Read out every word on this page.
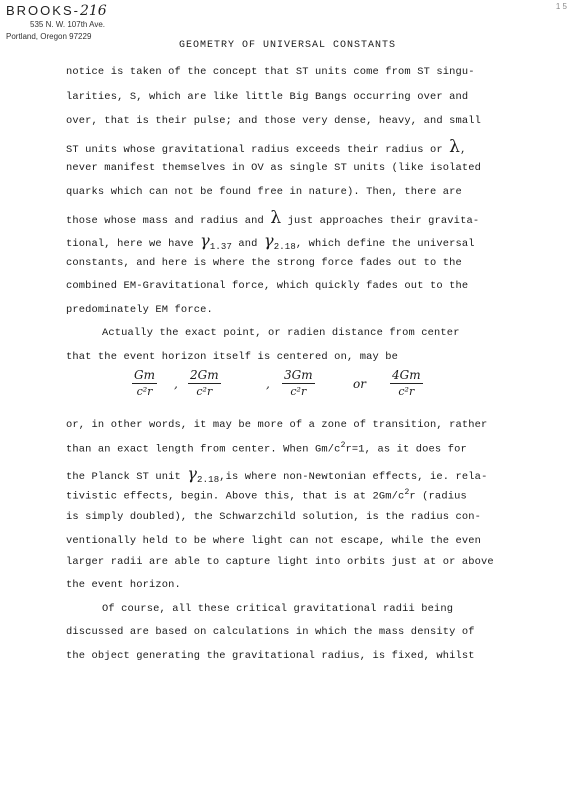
BROOKS-216
535 N. W. 107th Ave.
Portland, Oregon 97229
1 5
GEOMETRY OF UNIVERSAL CONSTANTS
notice is taken of the concept that ST units come from ST singu-
larities, S, which are like little Big Bangs occurring over and
over, that is their pulse; and those very dense, heavy, and small
ST units whose gravitational radius exceeds their radius or λ,
never manifest themselves in OV as single ST units (like isolated
quarks which can not be found free in nature). Then, there are
those whose mass and radius and λ just approaches their gravita-
tional, here we have $\gamma_{1.37}$ and $\gamma_{2.18}$, which define the universal
constants, and here is where the strong force fades out to the
combined EM-Gravitational force, which quickly fades out to the
predominately EM force.
Actually the exact point, or radien distance from center
that the event horizon itself is centered on, may be
$\frac{Gm}{\text{c²r}}$ , $\frac{2Gm}{\text{c²r}}$	, $\frac{3Gm}{\text{c²r}}$	or $\frac{4Gm}{\text{c²r}}$
or, in other words, it may be more of a zone of transition, rather
than an exact length from center. When $Gm/c^2r=1$, as it does for
the Planck ST unit $\gamma_{2.18},is$ where non-Newtonian effects, ie. rela-
tivistic effects, begin. Above this, that is at $2Gm/c^2r$ (radius
is simply doubled), the Schwarzchild solution, is the radius con-
ventionally held to be where light can not escape, while the even
larger radii are able to capture light into orbits just at or above
the event horizon.
Of course, all these critical gravitational radii being
discussed are based on calculations in which the mass density of
the object generating the gravitational radius, is fixed, whilst
